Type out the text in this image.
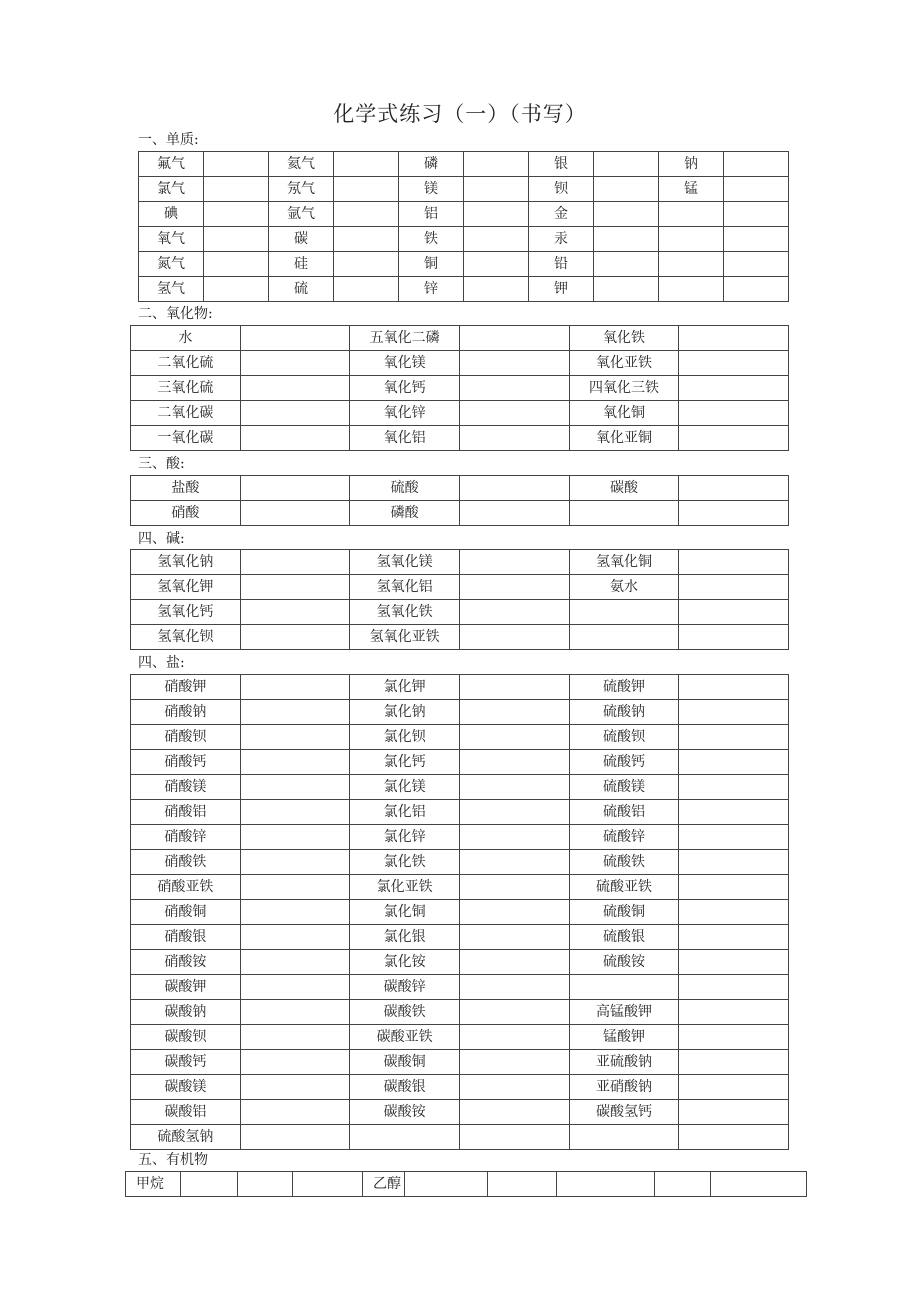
化学式练习（一）（书写）
一、单质:
氟气		氦气		磷		银		钠	
氯气		氖气		镁		钡		锰	
碘		氩气		铝		金			
氧气		碳		铁		汞			
氮气		硅		铜		铅			
氢气		硫		锌		钾			
二、氧化物:
水		五氧化二磷		氧化铁	
二氧化硫		氧化镁		氧化亚铁	
三氧化硫		氧化钙		四氧化三铁	
二氧化碳		氧化锌		氧化铜	
一氧化碳		氧化铝		氧化亚铜	
三、酸:
盐酸		硫酸		碳酸	
硝酸		磷酸			
四、碱:
氢氧化钠		氢氧化镁		氢氧化铜	
氢氧化钾		氢氧化铝		氨水	
氢氧化钙		氢氧化铁			
氢氧化钡		氢氧化亚铁			
四、盐:
硝酸钾		氯化钾		硫酸钾	
硝酸钠		氯化钠		硫酸钠	
硝酸钡		氯化钡		硫酸钡	
硝酸钙		氯化钙		硫酸钙	
硝酸镁		氯化镁		硫酸镁	
硝酸铝		氯化铝		硫酸铝	
硝酸锌		氯化锌		硫酸锌	
硝酸铁		氯化铁		硫酸铁	
硝酸亚铁		氯化亚铁		硫酸亚铁	
硝酸铜		氯化铜		硫酸铜	
硝酸银		氯化银		硫酸银	
硝酸铵		氯化铵		硫酸铵	
碳酸钾		碳酸锌			
碳酸钠		碳酸铁		高锰酸钾	
碳酸钡		碳酸亚铁		锰酸钾	
碳酸钙		碳酸铜		亚硫酸钠	
碳酸镁		碳酸银		亚硝酸钠	
碳酸铝		碳酸铵		碳酸氢钙	
硫酸氢钠					
五、有机物
甲烷				乙醇					
